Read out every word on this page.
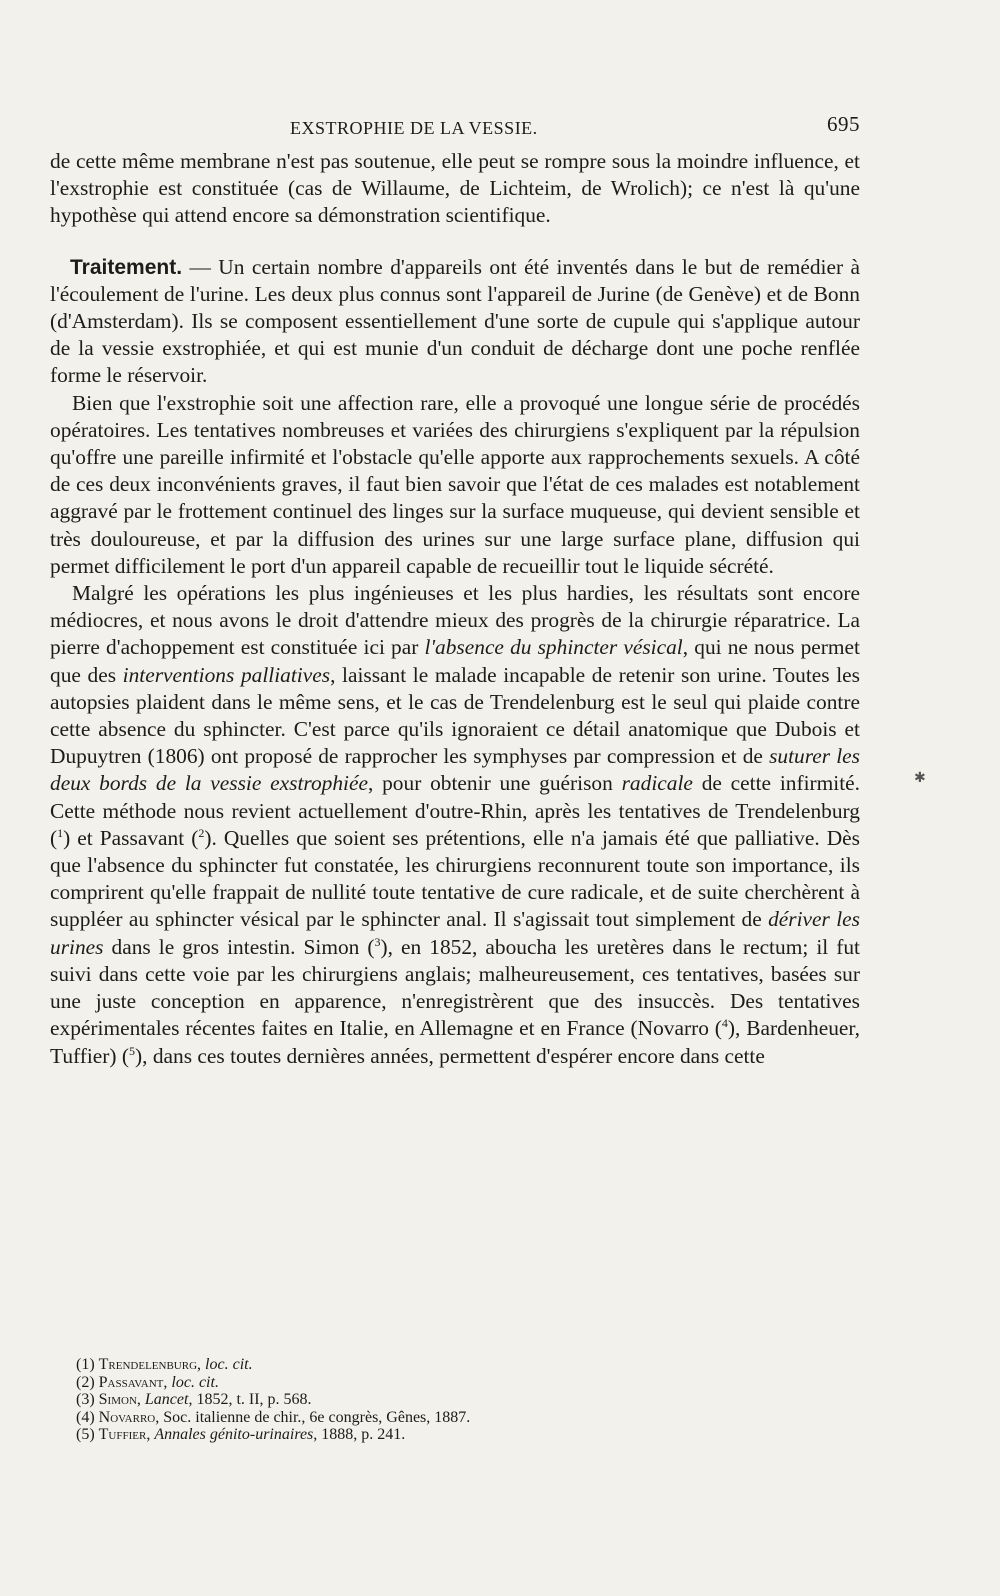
EXSTROPHIE DE LA VESSIE.	695

de cette même membrane n'est pas soutenue, elle peut se rompre sous la moindre influence, et l'exstrophie est constituée (cas de Willaume, de Lichteim, de Wrolich); ce n'est là qu'une hypothèse qui attend encore sa démonstration scientifique.

Traitement. — Un certain nombre d'appareils ont été inventés dans le but de remédier à l'écoulement de l'urine. Les deux plus connus sont l'appareil de Jurine (de Genève) et de Bonn (d'Amsterdam). Ils se composent essentiellement d'une sorte de cupule qui s'applique autour de la vessie exstrophiée, et qui est munie d'un conduit de décharge dont une poche renflée forme le réservoir.

Bien que l'exstrophie soit une affection rare, elle a provoqué une longue série de procédés opératoires. Les tentatives nombreuses et variées des chirurgiens s'expliquent par la répulsion qu'offre une pareille infirmité et l'obstacle qu'elle apporte aux rapprochements sexuels. A côté de ces deux inconvénients graves, il faut bien savoir que l'état de ces malades est notablement aggravé par le frottement continuel des linges sur la surface muqueuse, qui devient sensible et très douloureuse, et par la diffusion des urines sur une large surface plane, diffusion qui permet difficilement le port d'un appareil capable de recueillir tout le liquide sécrété.

Malgré les opérations les plus ingénieuses et les plus hardies, les résultats sont encore médiocres, et nous avons le droit d'attendre mieux des progrès de la chirurgie réparatrice. La pierre d'achoppement est constituée ici par l'absence du sphincter vésical, qui ne nous permet que des interventions palliatives, laissant le malade incapable de retenir son urine. Toutes les autopsies plaident dans le même sens, et le cas de Trendelenburg est le seul qui plaide contre cette absence du sphincter. C'est parce qu'ils ignoraient ce détail anatomique que Dubois et Dupuytren (1806) ont proposé de rapprocher les symphyses par compression et de suturer les deux bords de la vessie exstrophiée, pour obtenir une guérison radicale de cette infirmité. Cette méthode nous revient actuellement d'outre-Rhin, après les tentatives de Trendelenburg ($^1$) et Passavant ($^2$). Quelles que soient ses prétentions, elle n'a jamais été que palliative. Dès que l'absence du sphincter fut constatée, les chirurgiens reconnurent toute son importance, ils comprirent qu'elle frappait de nullité toute tentative de cure radicale, et de suite cherchèrent à suppléer au sphincter vésical par le sphincter anal. Il s'agissait tout simplement de dériver les urines dans le gros intestin. Simon ($^3$), en 1852, aboucha les uretères dans le rectum; il fut suivi dans cette voie par les chirurgiens anglais; malheureusement, ces tentatives, basées sur une juste conception en apparence, n'enregistrèrent que des insuccès. Des tentatives expérimentales récentes faites en Italie, en Allemagne et en France (Novarro ($^4$), Bardenheuer, Tuffier) ($^5$), dans ces toutes dernières années, permettent d'espérer encore dans cette

✱
(1) Trendelenburg, loc. cit.
(2) Passavant, loc. cit.
(3) Simon, Lancet, 1852, t. II, p. 568.
(4) Novarro, Soc. italienne de chir., 6e congrès, Gênes, 1887.
(5) Tuffier, Annales génito-urinaires, 1888, p. 241.
